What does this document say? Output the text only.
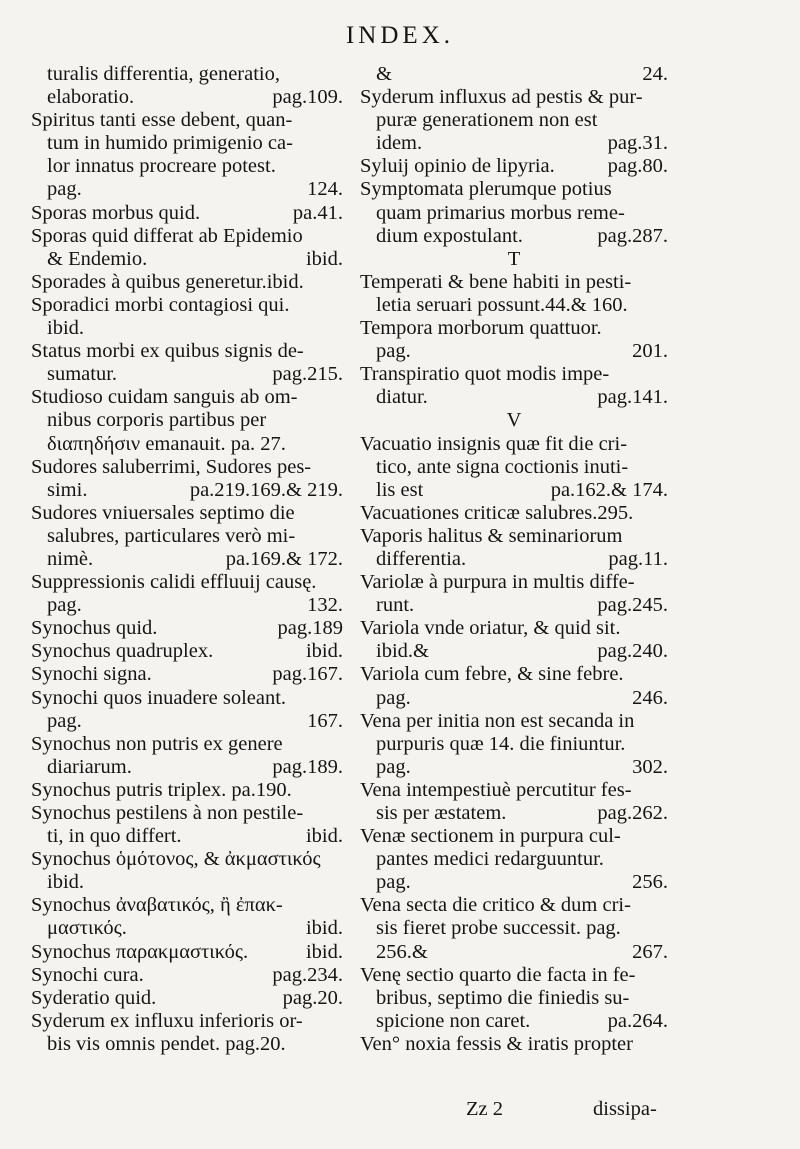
INDEX.
turalis differentia, generatio,
elaboratio.	pag.109.
Spiritus tanti esse debent, quan-
tum in humido primigenio ca-
lor innatus procreare potest.
pag.	124.
Sporas morbus quid.	pa.41.
Sporas quid differat ab Epidemio
& Endemio.	ibid.
Sporades à quibus generetur.ibid.
Sporadici morbi contagiosi qui.
ibid.
Status morbi ex quibus signis de-
sumatur.	pag.215.
Studioso cuidam sanguis ab om-
nibus corporis partibus per
διαπηδήσιν emanauit. pa. 27.
Sudores saluberrimi, Sudores pes-
simi.	pa.219.169.& 219.
Sudores vniuersales septimo die
salubres, particulares verò mi-
nimè.	pa.169.& 172.
Suppressionis calidi effluuij causę.
pag.	132.
Synochus quid.	pag.189
Synochus quadruplex.	ibid.
Synochi signa.	pag.167.
Synochi quos inuadere soleant.
pag.	167.
Synochus non putris ex genere
diariarum.	pag.189.
Synochus putris triplex. pa.190.
Synochus pestilens à non pestile-
ti, in quo differt.	ibid.
Synochus ὁμότονος, & ἀκμαστικός
ibid.
Synochus ἀναβατικός, ἢ ἐπακ-
μαστικός.	ibid.
Synochus παρακμαστικός.	ibid.
Synochi cura.	pag.234.
Syderatio quid.	pag.20.
Syderum ex influxu inferioris or-
bis vis omnis pendet. pag.20.
&	24.
Syderum influxus ad pestis & pur-
puræ generationem non est
idem.	pag.31.
Syluij opinio de lipyria.	pag.80.
Symptomata plerumque potius
quam primarius morbus reme-
dium expostulant.	pag.287.
T
Temperati & bene habiti in pesti-
letia seruari possunt.44.& 160.
Tempora morborum quattuor.
pag.	201.
Transpiratio quot modis impe-
diatur.	pag.141.
V
Vacuatio insignis quæ fit die cri-
tico, ante signa coctionis inuti-
lis est	pa.162.& 174.
Vacuationes criticæ salubres.295.
Vaporis halitus & seminariorum
differentia.	pag.11.
Variolæ à purpura in multis diffe-
runt.	pag.245.
Variola vnde oriatur, & quid sit.
ibid.&	pag.240.
Variola cum febre, & sine febre.
pag.	246.
Vena per initia non est secanda in
purpuris quæ 14. die finiuntur.
pag.	302.
Vena intempestiuè percutitur fes-
sis per æstatem.	pag.262.
Venæ sectionem in purpura cul-
pantes medici redarguuntur.
pag.	256.
Vena secta die critico & dum cri-
sis fieret probe successit. pag.
256.&	267.
Venę sectio quarto die facta in fe-
bribus, septimo die finiedis su-
spicione non caret.	pa.264.
Ven° noxia fessis & iratis propter
Zz 2	dissipa-
